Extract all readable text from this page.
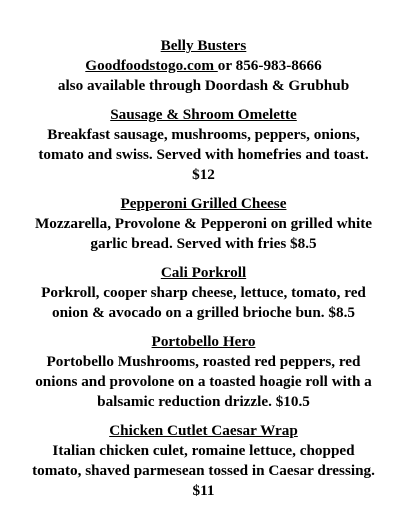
Belly Busters
Goodfoodstogo.com or 856-983-8666
also available through Doordash & Grubhub
Sausage & Shroom Omelette
Breakfast sausage, mushrooms, peppers, onions, tomato and swiss. Served with homefries and toast. $12
Pepperoni Grilled Cheese
Mozzarella, Provolone & Pepperoni on grilled white garlic bread. Served with fries $8.5
Cali Porkroll
Porkroll, cooper sharp cheese, lettuce, tomato, red onion & avocado on a grilled brioche bun. $8.5
Portobello Hero
Portobello Mushrooms, roasted red peppers, red onions and provolone on a toasted hoagie roll with a balsamic reduction drizzle. $10.5
Chicken Cutlet Caesar Wrap
Italian chicken culet, romaine lettuce, chopped tomato, shaved parmesean tossed in Caesar dressing. $11
